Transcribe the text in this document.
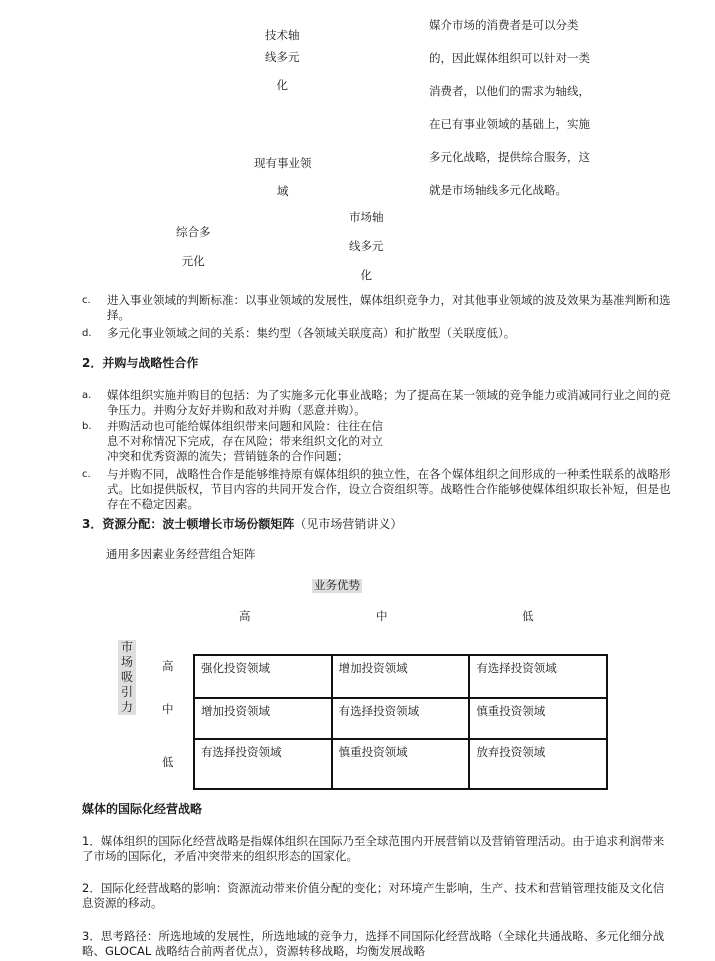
技术轴
线多元
化
现有事业领
域
市场轴
线多元
化
综合多
元化
媒介市场的消费者是可以分类
的，因此媒体组织可以针对一类
消费者，以他们的需求为轴线，
在已有事业领域的基础上，实施
多元化战略，提供综合服务，这
就是市场轴线多元化战略。
c.	进入事业领域的判断标准：以事业领域的发展性，媒体组织竞争力，对其他事业领域的波及效果为基准判断和选择。
d.	多元化事业领域之间的关系：集约型（各领域关联度高）和扩散型（关联度低）。
2．并购与战略性合作
a.	媒体组织实施并购目的包括：为了实施多元化事业战略；为了提高在某一领域的竞争能力或消减同行业之间的竞争压力。并购分友好并购和敌对并购（恶意并购）。
b.	并购活动也可能给媒体组织带来问题和风险：往往在信
息不对称情况下完成，存在风险；带来组织文化的对立
冲突和优秀资源的流失；营销链条的合作问题；
c.	与并购不同，战略性合作是能够维持原有媒体组织的独立性，在各个媒体组织之间形成的一种柔性联系的战略形式。比如提供版权，节目内容的共同开发合作，设立合资组织等。战略性合作能够使媒体组织取长补短，但是也存在不稳定因素。
3．资源分配：波士顿增长市场份额矩阵（见市场营销讲义）
通用多因素业务经营组合矩阵
业务优势
高	中	低
市
场
吸
引
力
高
中
低
强化投资领域	增加投资领域	有选择投资领域
增加投资领域	有选择投资领域	慎重投资领域
有选择投资领域	慎重投资领域	放弃投资领域
媒体的国际化经营战略
1．媒体组织的国际化经营战略是指媒体组织在国际乃至全球范围内开展营销以及营销管理活动。由于追求利润带来了市场的国际化，矛盾冲突带来的组织形态的国家化。
2．国际化经营战略的影响：资源流动带来价值分配的变化；对环境产生影响，生产、技术和营销管理技能及文化信息资源的移动。
3．思考路径：所选地域的发展性，所选地域的竞争力，选择不同国际化经营战略（全球化共通战略、多元化细分战略、GLOCAL 战略结合前两者优点），资源转移战略，均衡发展战略
